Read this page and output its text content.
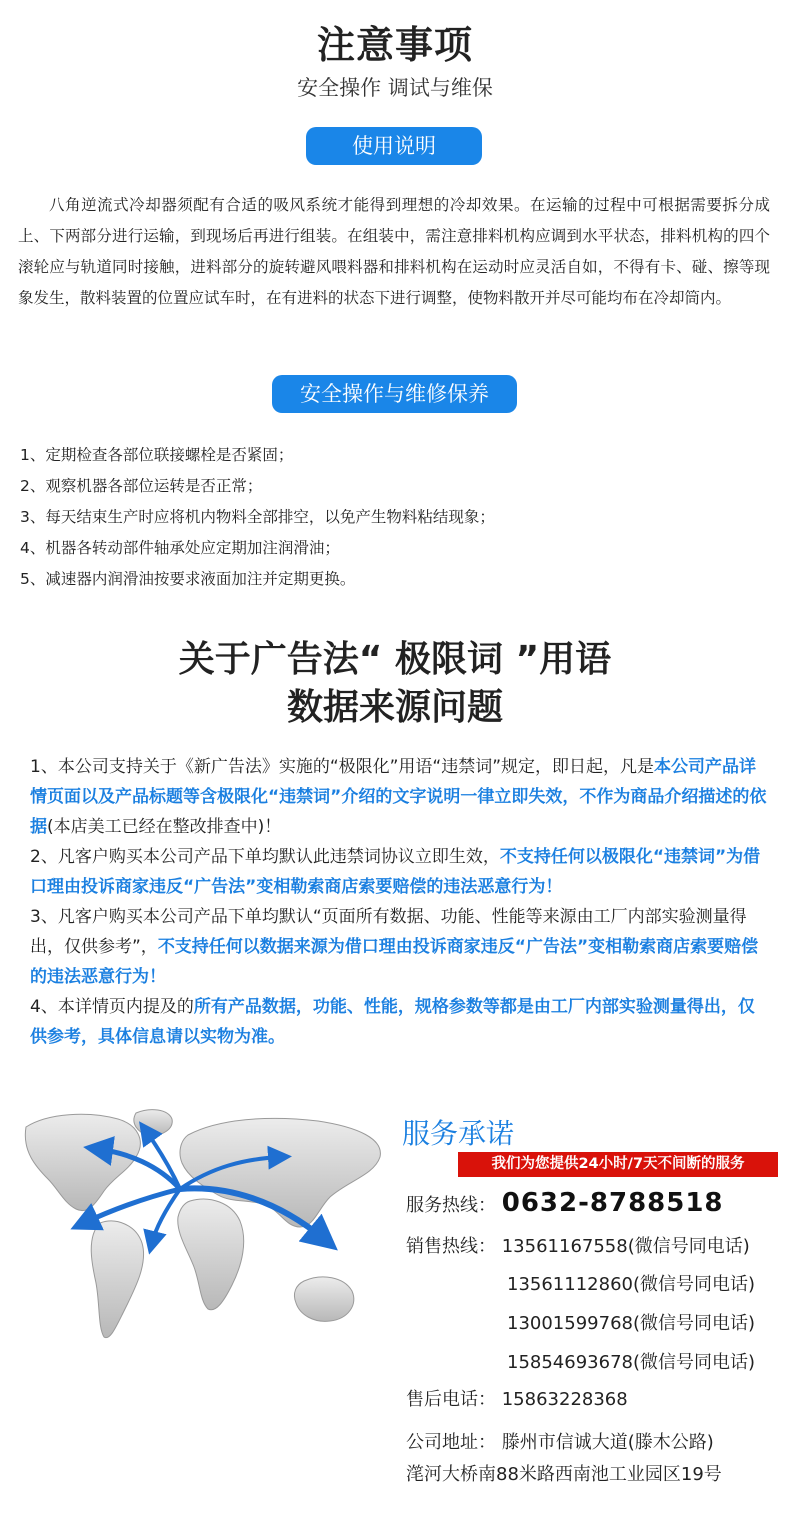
注意事项
安全操作 调试与维保
使用说明
八角逆流式冷却器须配有合适的吸风系统才能得到理想的冷却效果。在运输的过程中可根据需要拆分成上、下两部分进行运输，到现场后再进行组装。在组装中，需注意排料机构应调到水平状态，排料机构的四个滚轮应与轨道同时接触，进料部分的旋转避风喂料器和排料机构在运动时应灵活自如，不得有卡、碰、擦等现象发生，散料装置的位置应试车时，在有进料的状态下进行调整，使物料散开并尽可能均布在冷却筒内。
安全操作与维修保养
1、定期检查各部位联接螺栓是否紧固；
2、观察机器各部位运转是否正常；
3、每天结束生产时应将机内物料全部排空，以免产生物料粘结现象；
4、机器各转动部件轴承处应定期加注润滑油；
5、减速器内润滑油按要求液面加注并定期更换。
关于广告法“ 极限词 ”用语
数据来源问题
1、本公司支持关于《新广告法》实施的“极限化”用语“违禁词”规定，即日起，凡是本公司产品详情页面以及产品标题等含极限化“违禁词”介绍的文字说明一律立即失效，不作为商品介绍描述的依据(本店美工已经在整改排查中)！
2、凡客户购买本公司产品下单均默认此违禁词协议立即生效，不支持任何以极限化“违禁词”为借口理由投诉商家违反“广告法”变相勒索商店索要赔偿的违法恶意行为！
3、凡客户购买本公司产品下单均默认“页面所有数据、功能、性能等来源由工厂内部实验测量得出，仅供参考”，不支持任何以数据来源为借口理由投诉商家违反“广告法”变相勒索商店索要赔偿的违法恶意行为！
4、本详情页内提及的所有产品数据，功能、性能，规格参数等都是由工厂内部实验测量得出，仅供参考，具体信息请以实物为准。
服务承诺
我们为您提供24小时/7天不间断的服务
服务热线： 0632-8788518
销售热线： 13561167558(微信号同电话)
13561112860(微信号同电话)
13001599768(微信号同电话)
15854693678(微信号同电话)
售后电话： 15863228368
公司地址： 滕州市信诚大道(滕木公路)
滗河大桥南88米路西南池工业园区19号
